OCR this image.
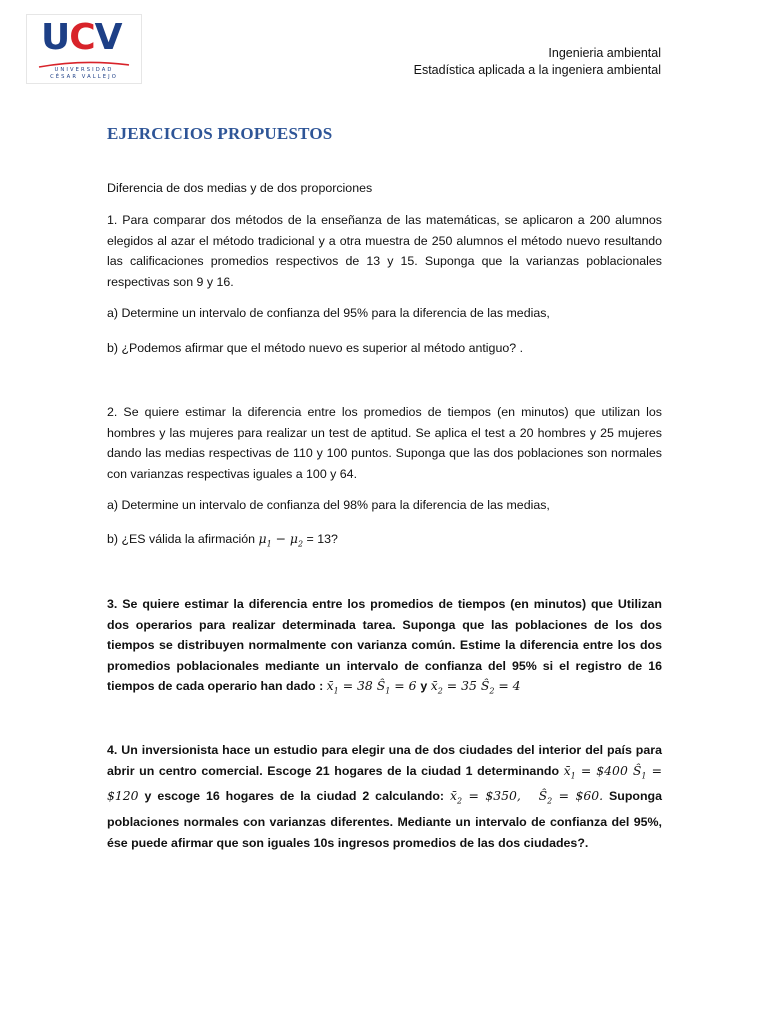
UCV
UNIVERSIDAD
CÉSAR VALLEJO
Ingenieria ambiental
Estadística aplicada a la ingeniera ambiental
EJERCICIOS PROPUESTOS
Diferencia de dos medias y de dos proporciones
1. Para comparar dos métodos de la enseñanza de las matemáticas, se aplicaron a 200 alumnos elegidos al azar el método tradicional y a otra muestra de 250 alumnos el método nuevo resultando las calificaciones promedios respectivos de 13 y 15. Suponga que la varianzas poblacionales respectivas son 9 y 16.
a) Determine un intervalo de confianza del 95% para la diferencia de las medias,
b) ¿Podemos afirmar que el método nuevo es superior al método antiguo? .
2. Se quiere estimar la diferencia entre los promedios de tiempos (en minutos) que utilizan los hombres y las mujeres para realizar un test de aptitud. Se aplica el test a 20 hombres y 25 mujeres dando las medias respectivas de 110 y 100 puntos. Suponga que las dos poblaciones son normales con varianzas respectivas iguales a 100 y 64.
a) Determine un intervalo de confianza del 98% para la diferencia de las medias,
b) ¿ES válida la afirmación $\mu_1 - \mu_2 = 13$?
3. Se quiere estimar la diferencia entre los promedios de tiempos (en minutos) que Utilizan dos operarios para realizar determinada tarea. Suponga que las poblaciones de los dos tiempos se distribuyen normalmente con varianza común. Estime la diferencia entre los dos promedios poblacionales mediante un intervalo de confianza del 95% si el registro de 16 tiempos de cada operario han dado : $x̄_1 = 38$ $Ŝ_1 = 6$ y $x̄_2 = 35$ $Ŝ_2 = 4$
4. Un inversionista hace un estudio para elegir una de dos ciudades del interior del país para abrir un centro comercial. Escoge 21 hogares de la ciudad 1 determinando $x̄_1$ = $400 $Ŝ_1$ = $120 y escoge 16 hogares de la ciudad 2 calculando: $x̄_2$ = $350, $Ŝ_2$ = $60. Suponga poblaciones normales con varianzas diferentes. Mediante un intervalo de confianza del 95%, ése puede afirmar que son iguales 10s ingresos promedios de las dos ciudades?.
